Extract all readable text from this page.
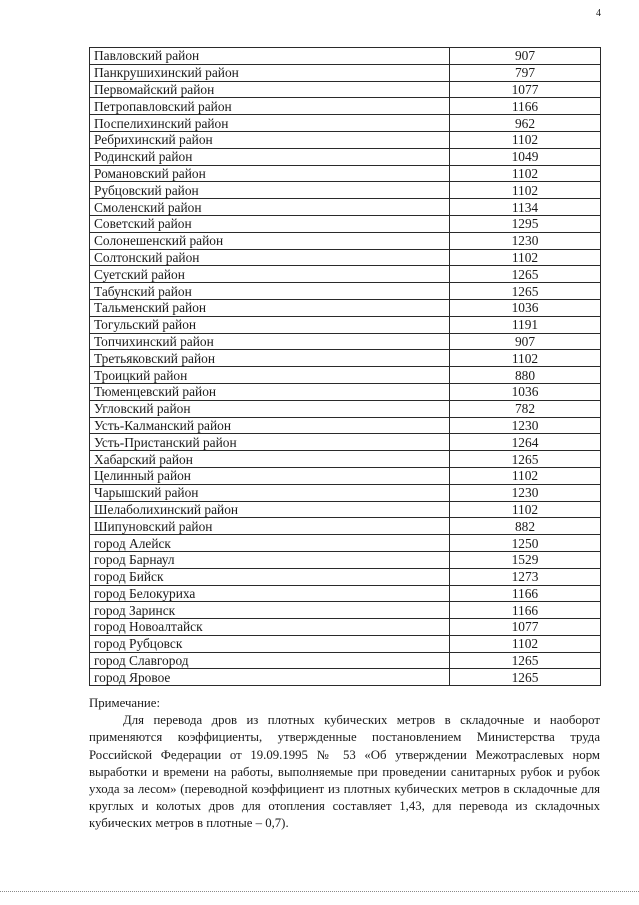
4
Павловский район	907
Панкрушихинский район	797
Первомайский район	1077
Петропавловский район	1166
Поспелихинский район	962
Ребрихинский район	1102
Родинский район	1049
Романовский район	1102
Рубцовский район	1102
Смоленский район	1134
Советский район	1295
Солонешенский район	1230
Солтонский район	1102
Суетский район	1265
Табунский район	1265
Тальменский район	1036
Тогульский район	1191
Топчихинский район	907
Третьяковский район	1102
Троицкий район	880
Тюменцевский район	1036
Угловский район	782
Усть-Калманский район	1230
Усть-Пристанский район	1264
Хабарский район	1265
Целинный район	1102
Чарышский район	1230
Шелаболихинский район	1102
Шипуновский район	882
город Алейск	1250
город Барнаул	1529
город Бийск	1273
город Белокуриха	1166
город Заринск	1166
город Новоалтайск	1077
город Рубцовск	1102
город Славгород	1265
город Яровое	1265

Примечание:

Для перевода дров из плотных кубических метров в складочные и наоборот применяются коэффициенты, утвержденные постановлением Министерства труда Российской Федерации от 19.09.1995 № 53 «Об утверждении Межотраслевых норм выработки и времени на работы, выполняемые при проведении санитарных рубок и рубок ухода за лесом» (переводной коэффициент из плотных кубических метров в складочные для круглых и колотых дров для отопления составляет 1,43, для перевода из складочных кубических метров в плотные – 0,7).
